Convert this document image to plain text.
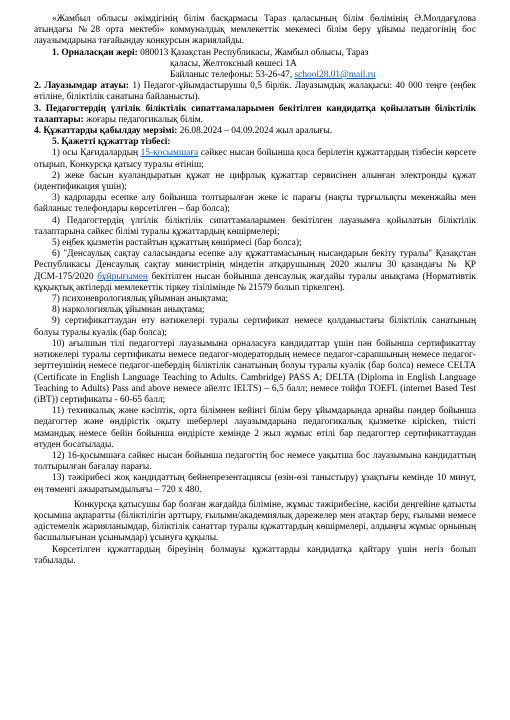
«Жамбыл облысы әкімдігінің білім басқармасы Тараз қаласының білім бөлімінің Ә.Молдағұлова атындағы №28 орта мектебі» коммуналдық мемлекеттік мекемесі білім беру ұйымы педагогінің бос лауазымдарына тағайындау конкурсын жариялайды.

1. Орналасқан жері: 080013 Қазақстан Республикасы, Жамбыл облысы, Тараз

қаласы, Желтоксный көшесі 1А

Байланыс телефоны: 53-26-47, school28.01@mail.ru

2. Лауазымдар атауы: 1) Педагог-ұйымдастырушы 0,5 бірлік. Лауазымдық жалақысы: 40 000 теңге (еңбек өтіліне, біліктілік санатына байланысты).

3. Педагогтердің үлгілік біліктілік сипаттамаларымен бекітілген кандидатқа қойылатын біліктілік талаптары: жоғары педагогикалық білім.

4. Құжаттарды қабылдау мерзімі: 26.08.2024 – 04.09.2024 жыл аралығы.

5. Қажетті құжаттар тізбесі:

1) осы Қағидалардың 15-қосымшаға сәйкес нысан бойынша қоса берілетін құжаттардың тізбесін көрсете отырып, Конкурсқа қатысу туралы өтініш;

2) жеке басын куәландыратын құжат не цифрлық құжаттар сервисінен алынған электронды құжат (идентификация үшін);

3) кадрларды есепке алу бойынша толтырылған жеке іс парағы (нақты тұрғылықты мекенжайы мен байланыс телефондары көрсетілген – бар болса);

4) Педагогтердің үлгілік біліктілік сипаттамаларымен бекітілген лауазымға қойылатын біліктілік талаптарына сәйкес білімі туралы құжаттардың көшірмелері;

5) еңбек қызметін растайтын құжаттың көшірмесі (бар болса);

6) "Денсаулық сақтау саласындағы есепке алу құжаттамасының нысандарын бекіту туралы" Қазақстан Республикасы Денсаулық сақтау министрінің міндетін атқарушының 2020 жылғы 30 қазандағы № ҚР ДСМ-175/2020 бұйрығымен бекітілген нысан бойынша денсаулық жағдайы туралы анықтама (Нормативтік құқықтық актілерді мемлекеттік тіркеу тізілімінде № 21579 болып тіркелген).

7) психоневрологиялық ұйымнан анықтама;

8) наркологиялық ұйымнан анықтама;

9) сертификаттаудан өту нәтижелері туралы сертификат немесе қолданыстағы біліктілік санатының болуы туралы куәлік (бар болса);

10) ағылшын тілі педагогтері лауазымына орналасуға кандидаттар үшін пән бойынша сертификаттау нәтижелері туралы сертификаты немесе педагог-модератордың немесе педагог-сарапшының немесе педагог-зерттеушінің немесе педагог-шебердің біліктілік санатының болуы туралы куәлік (бар болса) немесе CELTA (Certificate in English Language Teaching to Adults. Cambridge) PASS A; DELTA (Diploma in English Language Teaching to Adults) Pass and above немесе айелтс IELTS) – 6,5 балл; немесе тойфл TOEFL (internet Based Test (iBT)) сертификаты - 60-65 балл;

11) техникалық және кәсіптік, орта білімнен кейінгі білім беру ұйымдарында арнайы пәндер бойынша педагогтер және өндірістік оқыту шеберлері лауазымдарына педагогикалық қызметке кірісken, тиісті мамандық немесе бейін бойынша өндірісте кемінде 2 жыл жұмыс өтілі бар педагогтер сертификаттаудан өтуден босатылады.

12) 16-қосымшаға сәйкес нысан бойынша педагогтің бос немесе уақытша бос лауазымына кандидаттың толтырылған бағалау парағы.

13) тәжірибесі жоқ кандидаттың бейнепрезентациясы (өзін-өзі таныстыру) ұзақтығы кемінде 10 минут, ең төменгі ажыратымдылығы – 720 x 480.

Конкурсқа қатысушы бар болған жағдайда біліміне, жұмыс тәжірибесіне, кәсіби деңгейіне қатысты қосымша ақпаратты (біліктілігін арттыру, ғылыми/академиялық дәрежелер мен атақтар беру, ғылыми немесе әдістемелік жарияланымдар, біліктілік санаттар туралы құжаттардың көшірмелері, алдыңғы жұмыс орнының басшылығынан ұсынымдар) ұсынуға құқылы.

Көрсетілген құжаттардың біреуінің болмауы құжаттарды кандидатқа қайтару үшін негіз болып табылады.
